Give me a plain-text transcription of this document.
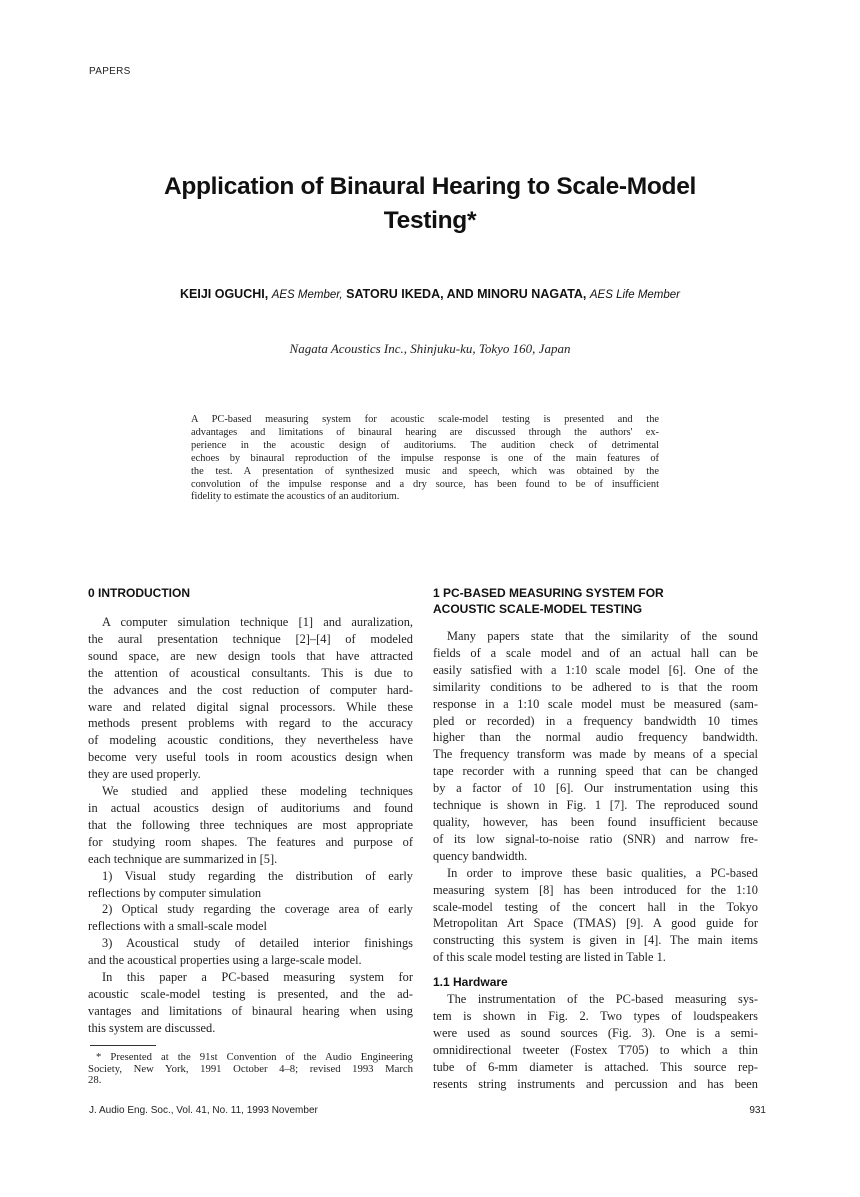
PAPERS
Application of Binaural Hearing to Scale-Model
Testing*
KEIJI OGUCHI, AES Member, SATORU IKEDA, AND MINORU NAGATA, AES Life Member
Nagata Acoustics Inc., Shinjuku-ku, Tokyo 160, Japan
A PC-based measuring system for acoustic scale-model testing is presented and the
advantages and limitations of binaural hearing are discussed through the authors' ex-
perience in the acoustic design of auditoriums. The audition check of detrimental
echoes by binaural reproduction of the impulse response is one of the main features of
the test. A presentation of synthesized music and speech, which was obtained by the
convolution of the impulse response and a dry source, has been found to be of insufficient
fidelity to estimate the acoustics of an auditorium.
0 INTRODUCTION
A computer simulation technique [1] and auralization,
the aural presentation technique [2]–[4] of modeled
sound space, are new design tools that have attracted
the attention of acoustical consultants. This is due to
the advances and the cost reduction of computer hard-
ware and related digital signal processors. While these
methods present problems with regard to the accuracy
of modeling acoustic conditions, they nevertheless have
become very useful tools in room acoustics design when
they are used properly.
We studied and applied these modeling techniques
in actual acoustics design of auditoriums and found
that the following three techniques are most appropriate
for studying room shapes. The features and purpose of
each technique are summarized in [5].
1) Visual study regarding the distribution of early
reflections by computer simulation
2) Optical study regarding the coverage area of early
reflections with a small-scale model
3) Acoustical study of detailed interior finishings
and the acoustical properties using a large-scale model.
In this paper a PC-based measuring system for
acoustic scale-model testing is presented, and the ad-
vantages and limitations of binaural hearing when using
this system are discussed.
* Presented at the 91st Convention of the Audio Engineering
Society, New York, 1991 October 4–8; revised 1993 March
28.
1 PC-BASED MEASURING SYSTEM FOR
ACOUSTIC SCALE-MODEL TESTING
Many papers state that the similarity of the sound
fields of a scale model and of an actual hall can be
easily satisfied with a 1:10 scale model [6]. One of the
similarity conditions to be adhered to is that the room
response in a 1:10 scale model must be measured (sam-
pled or recorded) in a frequency bandwidth 10 times
higher than the normal audio frequency bandwidth.
The frequency transform was made by means of a special
tape recorder with a running speed that can be changed
by a factor of 10 [6]. Our instrumentation using this
technique is shown in Fig. 1 [7]. The reproduced sound
quality, however, has been found insufficient because
of its low signal-to-noise ratio (SNR) and narrow fre-
quency bandwidth.
In order to improve these basic qualities, a PC-based
measuring system [8] has been introduced for the 1:10
scale-model testing of the concert hall in the Tokyo
Metropolitan Art Space (TMAS) [9]. A good guide for
constructing this system is given in [4]. The main items
of this scale model testing are listed in Table 1.
1.1 Hardware
The instrumentation of the PC-based measuring sys-
tem is shown in Fig. 2. Two types of loudspeakers
were used as sound sources (Fig. 3). One is a semi-
omnidirectional tweeter (Fostex T705) to which a thin
tube of 6-mm diameter is attached. This source rep-
resents string instruments and percussion and has been
J. Audio Eng. Soc., Vol. 41, No. 11, 1993 November	931
